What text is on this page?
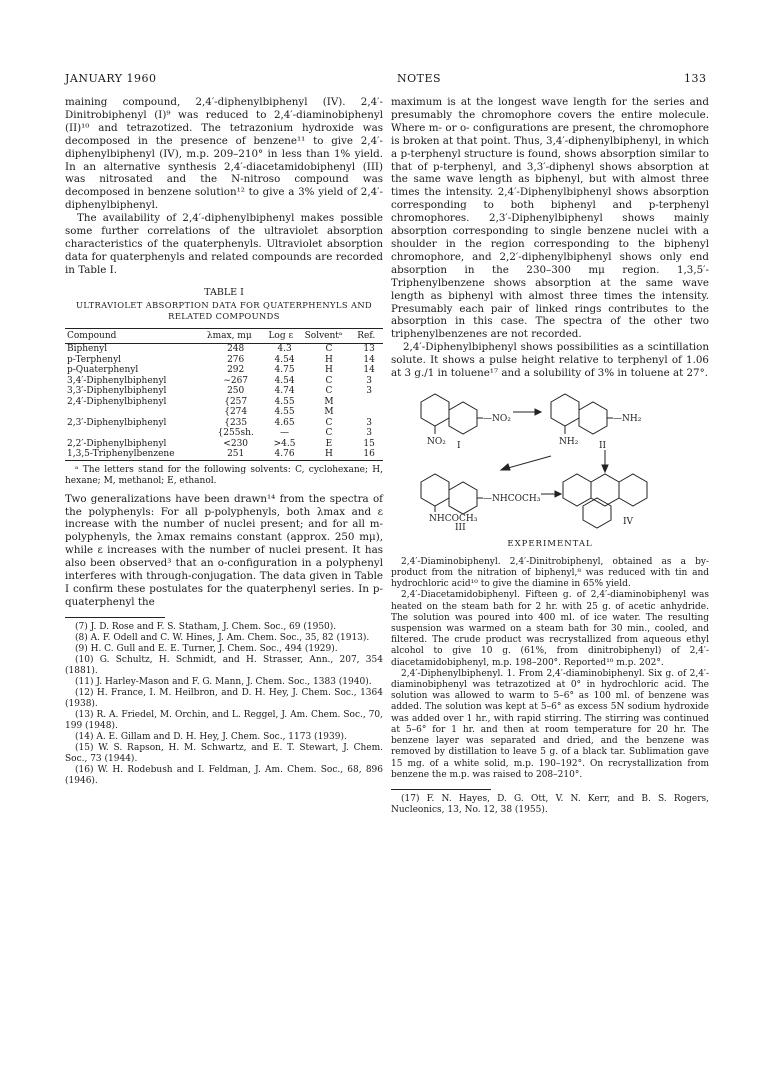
JANUARY 1960	NOTES	133

maining compound, 2,4′-diphenylbiphenyl (IV). 2,4′-Dinitrobiphenyl (I)⁹ was reduced to 2,4′-diaminobiphenyl (II)¹⁰ and tetrazotized. The tetrazonium hydroxide was decomposed in the presence of benzene¹¹ to give 2,4′-diphenylbiphenyl (IV), m.p. 209–210° in less than 1% yield. In an alternative synthesis 2,4′-diacetamidobiphenyl (III) was nitrosated and the N-nitroso compound was decomposed in benzene solution¹² to give a 3% yield of 2,4′-diphenylbiphenyl.

The availability of 2,4′-diphenylbiphenyl makes possible some further correlations of the ultraviolet absorption characteristics of the quaterphenyls. Ultraviolet absorption data for quaterphenyls and related compounds are recorded in Table I.

TABLE I
ULTRAVIOLET ABSORPTION DATA FOR QUATERPHENYLS AND RELATED COMPOUNDS
Compound	λmax, mμ	Log ε	Solventᵃ	Ref.
Biphenyl	248	4.3	C	13
p-Terphenyl	276	4.54	H	14
p-Quaterphenyl	292	4.75	H	14
3,4′-Diphenylbiphenyl	∼267	4.54	C	3
3,3′-Diphenylbiphenyl	250	4.74	C	3
2,4′-Diphenylbiphenyl	{257	4.55	M	
	{274	4.55	M	
2,3′-Diphenylbiphenyl	{235	4.65	C	3
	{255sh.	—	C	3
2,2′-Diphenylbiphenyl	<230	>4.5	E	15
1,3,5-Triphenylbenzene	251	4.76	H	16

ᵃ The letters stand for the following solvents: C, cyclohexane; H, hexane; M, methanol; E, ethanol.

Two generalizations have been drawn¹⁴ from the spectra of the polyphenyls: For all p-polyphenyls, both λmax and ε increase with the number of nuclei present; and for all m-polyphenyls, the λmax remains constant (approx. 250 mμ), while ε increases with the number of nuclei present. It has also been observed³ that an o-configuration in a polyphenyl interferes with through-conjugation. The data given in Table I confirm these postulates for the quaterphenyl series. In p-quaterphenyl the

(7) J. D. Rose and F. S. Statham, J. Chem. Soc., 69 (1950).

(8) A. F. Odell and C. W. Hines, J. Am. Chem. Soc., 35, 82 (1913).

(9) H. C. Gull and E. E. Turner, J. Chem. Soc., 494 (1929).

(10) G. Schultz, H. Schmidt, and H. Strasser, Ann., 207, 354 (1881).

(11) J. Harley-Mason and F. G. Mann, J. Chem. Soc., 1383 (1940).

(12) H. France, I. M. Heilbron, and D. H. Hey, J. Chem. Soc., 1364 (1938).

(13) R. A. Friedel, M. Orchin, and L. Reggel, J. Am. Chem. Soc., 70, 199 (1948).

(14) A. E. Gillam and D. H. Hey, J. Chem. Soc., 1173 (1939).

(15) W. S. Rapson, H. M. Schwartz, and E. T. Stewart, J. Chem. Soc., 73 (1944).

(16) W. H. Rodebush and I. Feldman, J. Am. Chem. Soc., 68, 896 (1946).

maximum is at the longest wave length for the series and presumably the chromophore covers the entire molecule. Where m- or o- configurations are present, the chromophore is broken at that point. Thus, 3,4′-diphenylbiphenyl, in which a p-terphenyl structure is found, shows absorption similar to that of p-terphenyl, and 3,3′-diphenyl shows absorption at the same wave length as biphenyl, but with almost three times the intensity. 2,4′-Diphenylbiphenyl shows absorption corresponding to both biphenyl and p-terphenyl chromophores. 2,3′-Diphenylbiphenyl shows mainly absorption corresponding to single benzene nuclei with a shoulder in the region corresponding to the biphenyl chromophore, and 2,2′-diphenylbiphenyl shows only end absorption in the 230–300 mμ region. 1,3,5′-Triphenylbenzene shows absorption at the same wave length as biphenyl with almost three times the intensity. Presumably each pair of linked rings contributes to the absorption in this case. The spectra of the other two triphenylbenzenes are not recorded.

2,4′-Diphenylbiphenyl shows possibilities as a scintillation solute. It shows a pulse height relative to terphenyl of 1.06 at 3 g./1 in toluene¹⁷ and a solubility of 3% in toluene at 27°.

—NO₂
NO₂ I
—NH₂
NH₂ II
—NHCOCH₃
NHCOCH₃
III
IV
EXPERIMENTAL

2,4′-Diaminobiphenyl. 2,4′-Dinitrobiphenyl, obtained as a by-product from the nitration of biphenyl,⁸ was reduced with tin and hydrochloric acid¹⁰ to give the diamine in 65% yield.

2,4′-Diacetamidobiphenyl. Fifteen g. of 2,4′-diaminobiphenyl was heated on the steam bath for 2 hr. with 25 g. of acetic anhydride. The solution was poured into 400 ml. of ice water. The resulting suspension was warmed on a steam bath for 30 min., cooled, and filtered. The crude product was recrystallized from aqueous ethyl alcohol to give 10 g. (61%, from dinitrobiphenyl) of 2,4′-diacetamidobiphenyl, m.p. 198–200°. Reported¹⁰ m.p. 202°.

2,4′-Diphenylbiphenyl. 1. From 2,4′-diaminobiphenyl. Six g. of 2,4′-diaminobiphenyl was tetrazotized at 0° in hydrochloric acid. The solution was allowed to warm to 5–6° as 100 ml. of benzene was added. The solution was kept at 5–6° as excess 5N sodium hydroxide was added over 1 hr., with rapid stirring. The stirring was continued at 5–6° for 1 hr. and then at room temperature for 20 hr. The benzene layer was separated and dried, and the benzene was removed by distillation to leave 5 g. of a black tar. Sublimation gave 15 mg. of a white solid, m.p. 190–192°. On recrystallization from benzene the m.p. was raised to 208–210°.

(17) F. N. Hayes, D. G. Ott, V. N. Kerr, and B. S. Rogers, Nucleonics, 13, No. 12, 38 (1955).
